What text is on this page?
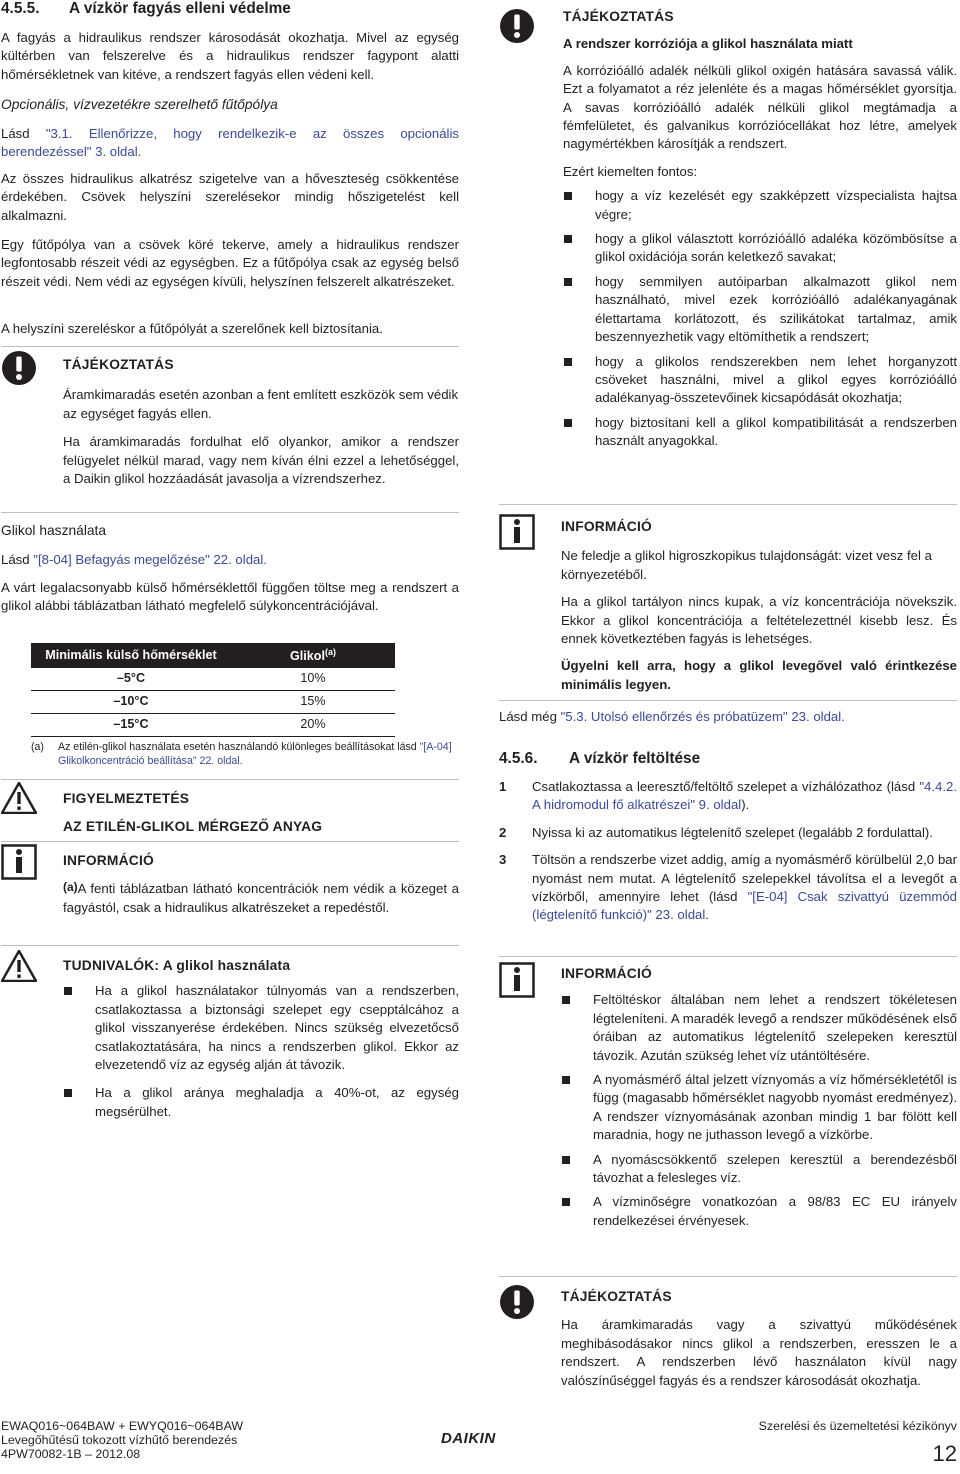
4.5.5. A vízkör fagyás elleni védelme

A fagyás a hidraulikus rendszer károsodását okozhatja. Mivel az egység kültérben van felszerelve és a hidraulikus rendszer fagypont alatti hőmérsékletnek van kitéve, a rendszert fagyás ellen védeni kell.

Opcionális, vízvezetékre szerelhető fűtőpólya

Lásd "3.1. Ellenőrizze, hogy rendelkezik-e az összes opcionális berendezéssel" 3. oldal.

Az összes hidraulikus alkatrész szigetelve van a hőveszteség csökkentése érdekében. Csövek helyszíni szerelésekor mindig hőszigetelést kell alkalmazni.

Egy fűtőpólya van a csövek köré tekerve, amely a hidraulikus rendszer legfontosabb részeit védi az egységben. Ez a fűtőpólya csak az egység belső részeit védi. Nem védi az egységen kívüli, helyszínen felszerelt alkatrészeket.

A helyszíni szereléskor a fűtőpólyát a szerelőnek kell biztosítania.

TÁJÉKOZTATÁS

Áramkimaradás esetén azonban a fent említett eszközök sem védik az egységet fagyás ellen.

Ha áramkimaradás fordulhat elő olyankor, amikor a rendszer felügyelet nélkül marad, vagy nem kíván élni ezzel a lehetőséggel, a Daikin glikol hozzáadását javasolja a vízrendszerhez.

Glikol használata

Lásd "[8-04] Befagyás megelőzése" 22. oldal.

A várt legalacsonyabb külső hőmérséklettől függően töltse meg a rendszert a glikol alábbi táblázatban látható megfelelő súlykoncentrációjával.

Minimális külső hőmérséklet	Glikol$^{(a)}$
–5°C	10%
–10°C	15%
–15°C	20%
(a) Az etilén-glikol használata esetén használandó különleges beállításokat lásd "[A-04] Glikolkoncentráció beállítása" 22. oldal.

FIGYELMEZTETÉS

AZ ETILÉN-GLIKOL MÉRGEZŐ ANYAG

INFORMÁCIÓ

(a)A fenti táblázatban látható koncentrációk nem védik a közeget a fagyástól, csak a hidraulikus alkatrészeket a repedéstől.

TUDNIVALÓK: A glikol használata

Ha a glikol használatakor túlnyomás van a rendszerben, csatlakoztassa a biztonsági szelepet egy csepptálcához a glikol visszanyerése érdekében. Nincs szükség elvezetőcső csatlakoztatására, ha nincs a rendszerben glikol. Ekkor az elvezetendő víz az egység alján át távozik.
Ha a glikol aránya meghaladja a 40%-ot, az egység megsérülhet.

TÁJÉKOZTATÁS

A rendszer korróziója a glikol használata miatt

A korrózióálló adalék nélküli glikol oxigén hatására savassá válik. Ezt a folyamatot a réz jelenléte és a magas hőmérséklet gyorsítja. A savas korrózióálló adalék nélküli glikol megtámadja a fémfelületet, és galvanikus korróziócellákat hoz létre, amelyek nagymértékben károsítják a rendszert.

Ezért kiemelten fontos:

hogy a víz kezelését egy szakképzett vízspecialista hajtsa végre;
hogy a glikol választott korrózióálló adaléka közömbösítse a glikol oxidációja során keletkező savakat;
hogy semmilyen autóiparban alkalmazott glikol nem használható, mivel ezek korrózióálló adalékanyagának élettartama korlátozott, és szilikátokat tartalmaz, amik beszennyezhetik vagy eltömíthetik a rendszert;
hogy a glikolos rendszerekben nem lehet horganyzott csöveket használni, mivel a glikol egyes korrózióálló adalékanyag-összetevőinek kicsapódását okozhatja;
hogy biztosítani kell a glikol kompatibilitását a rendszerben használt anyagokkal.

INFORMÁCIÓ

Ne feledje a glikol higroszkopikus tulajdonságát: vizet vesz fel a környezetéből.

Ha a glikol tartályon nincs kupak, a víz koncentrációja növekszik. Ekkor a glikol koncentrációja a feltételezettnél kisebb lesz. És ennek következtében fagyás is lehetséges.

Ügyelni kell arra, hogy a glikol levegővel való érintkezése minimális legyen.

Lásd még "5.3. Utolsó ellenőrzés és próbatüzem" 23. oldal.

4.5.6. A vízkör feltöltése
1 Csatlakoztassa a leeresztő/feltöltő szelepet a vízhálózathoz (lásd "4.4.2. A hidromodul fő alkatrészei" 9. oldal).
2 Nyissa ki az automatikus légtelenítő szelepet (legalább 2 fordulattal).
3 Töltsön a rendszerbe vizet addig, amíg a nyomásmérő körülbelül 2,0 bar nyomást nem mutat. A légtelenítő szelepekkel távolítsa el a levegőt a vízkörből, amennyire lehet (lásd "[E-04] Csak szivattyú üzemmód (légtelenítő funkció)" 23. oldal.

INFORMÁCIÓ

Feltöltéskor általában nem lehet a rendszert tökéletesen légteleníteni. A maradék levegő a rendszer működésének első óráiban az automatikus légtelenítő szelepeken keresztül távozik. Azután szükség lehet víz utántöltésére.
A nyomásmérő által jelzett víznyomás a víz hőmérsékletétől is függ (magasabb hőmérséklet nagyobb nyomást eredményez). A rendszer víznyomásának azonban mindig 1 bar fölött kell maradnia, hogy ne juthasson levegő a vízkörbe.
A nyomáscsökkentő szelepen keresztül a berendezésből távozhat a felesleges víz.
A vízminőségre vonatkozóan a 98/83 EC EU irányelv rendelkezései érvényesek.

TÁJÉKOZTATÁS

Ha áramkimaradás vagy a szivattyú működésének meghibásodásakor nincs glikol a rendszerben, eresszen le a rendszert. A rendszerben lévő használaton kívül nagy valószínűséggel fagyás és a rendszer károsodását okozhatja.

EWAQ016~064BAW + EWYQ016~064BAW
Levegőhűtésű tokozott vízhűtő berendezés
4PW70082-1B – 2012.08
DAIKIN
Szerelési és üzemeltetési kézikönyv
12
